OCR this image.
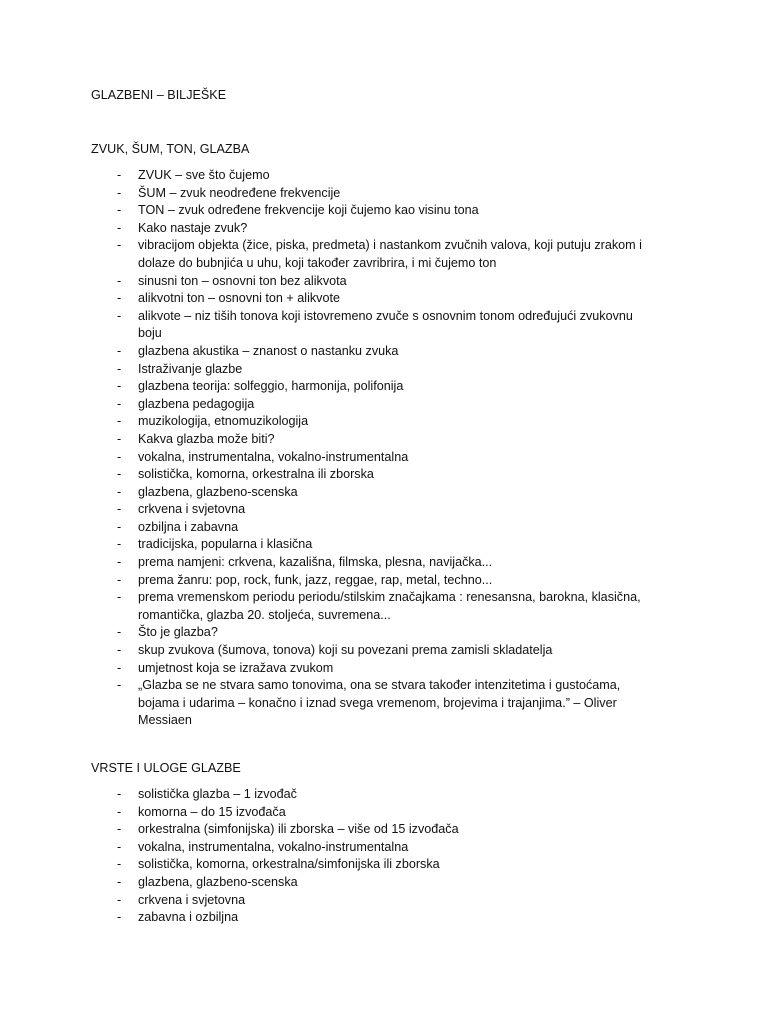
GLAZBENI – BILJEŠKE
ZVUK, ŠUM, TON, GLAZBA
- ZVUK – sve što čujemo
- ŠUM – zvuk neodređene frekvencije
- TON – zvuk određene frekvencije koji čujemo kao visinu tona
- Kako nastaje zvuk?
- vibracijom objekta (žice, piska, predmeta) i nastankom zvučnih valova, koji putuju zrakom i dolaze do bubnjića u uhu, koji također zavribrira, i mi čujemo ton
- sinusni ton – osnovni ton bez alikvota
- alikvotni ton – osnovni ton + alikvote
- alikvote – niz tiših tonova koji istovremeno zvuče s osnovnim tonom određujući zvukovnu boju
- glazbena akustika – znanost o nastanku zvuka
- Istraživanje glazbe
- glazbena teorija: solfeggio, harmonija, polifonija
- glazbena pedagogija
- muzikologija, etnomuzikologija
- Kakva glazba može biti?
- vokalna, instrumentalna, vokalno-instrumentalna
- solistička, komorna, orkestralna ili zborska
- glazbena, glazbeno-scenska
- crkvena i svjetovna
- ozbiljna i zabavna
- tradicijska, popularna i klasična
- prema namjeni: crkvena, kazališna, filmska, plesna, navijačka...
- prema žanru: pop, rock, funk, jazz, reggae, rap, metal, techno...
- prema vremenskom periodu periodu/stilskim značajkama : renesansna, barokna, klasična, romantička, glazba 20. stoljeća, suvremena...
- Što je glazba?
- skup zvukova (šumova, tonova) koji su povezani prema zamisli skladatelja
- umjetnost koja se izražava zvukom
- „Glazba se ne stvara samo tonovima, ona se stvara također intenzitetima i gustoćama, bojama i udarima – konačno i iznad svega vremenom, brojevima i trajanjima.” – Oliver Messiaen
VRSTE I ULOGE GLAZBE
- solistička glazba – 1 izvođač
- komorna – do 15 izvođača
- orkestralna (simfonijska) ili zborska – više od 15 izvođača
- vokalna, instrumentalna, vokalno-instrumentalna
- solistička, komorna, orkestralna/simfonijska ili zborska
- glazbena, glazbeno-scenska
- crkvena i svjetovna
- zabavna i ozbiljna
